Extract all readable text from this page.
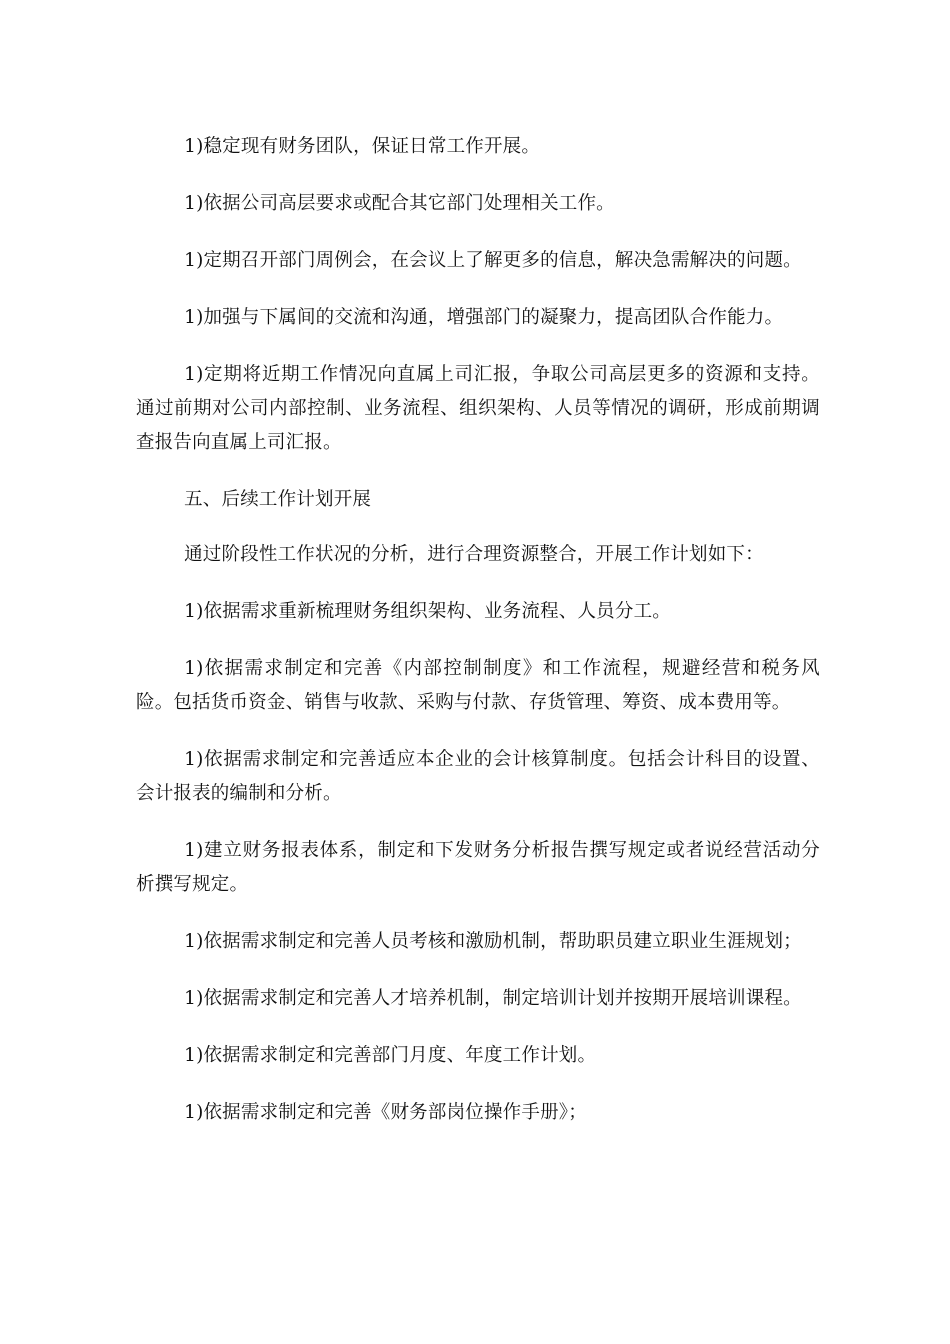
1)稳定现有财务团队，保证日常工作开展。

1)依据公司高层要求或配合其它部门处理相关工作。

1)定期召开部门周例会，在会议上了解更多的信息，解决急需解决的问题。

1)加强与下属间的交流和沟通，增强部门的凝聚力，提高团队合作能力。

1)定期将近期工作情况向直属上司汇报，争取公司高层更多的资源和支持。通过前期对公司内部控制、业务流程、组织架构、人员等情况的调研，形成前期调查报告向直属上司汇报。

五、后续工作计划开展

通过阶段性工作状况的分析，进行合理资源整合，开展工作计划如下：

1)依据需求重新梳理财务组织架构、业务流程、人员分工。

1)依据需求制定和完善《内部控制制度》和工作流程，规避经营和税务风险。包括货币资金、销售与收款、采购与付款、存货管理、筹资、成本费用等。

1)依据需求制定和完善适应本企业的会计核算制度。包括会计科目的设置、会计报表的编制和分析。

1)建立财务报表体系，制定和下发财务分析报告撰写规定或者说经营活动分析撰写规定。

1)依据需求制定和完善人员考核和激励机制，帮助职员建立职业生涯规划；

1)依据需求制定和完善人才培养机制，制定培训计划并按期开展培训课程。

1)依据需求制定和完善部门月度、年度工作计划。

1)依据需求制定和完善《财务部岗位操作手册》；
